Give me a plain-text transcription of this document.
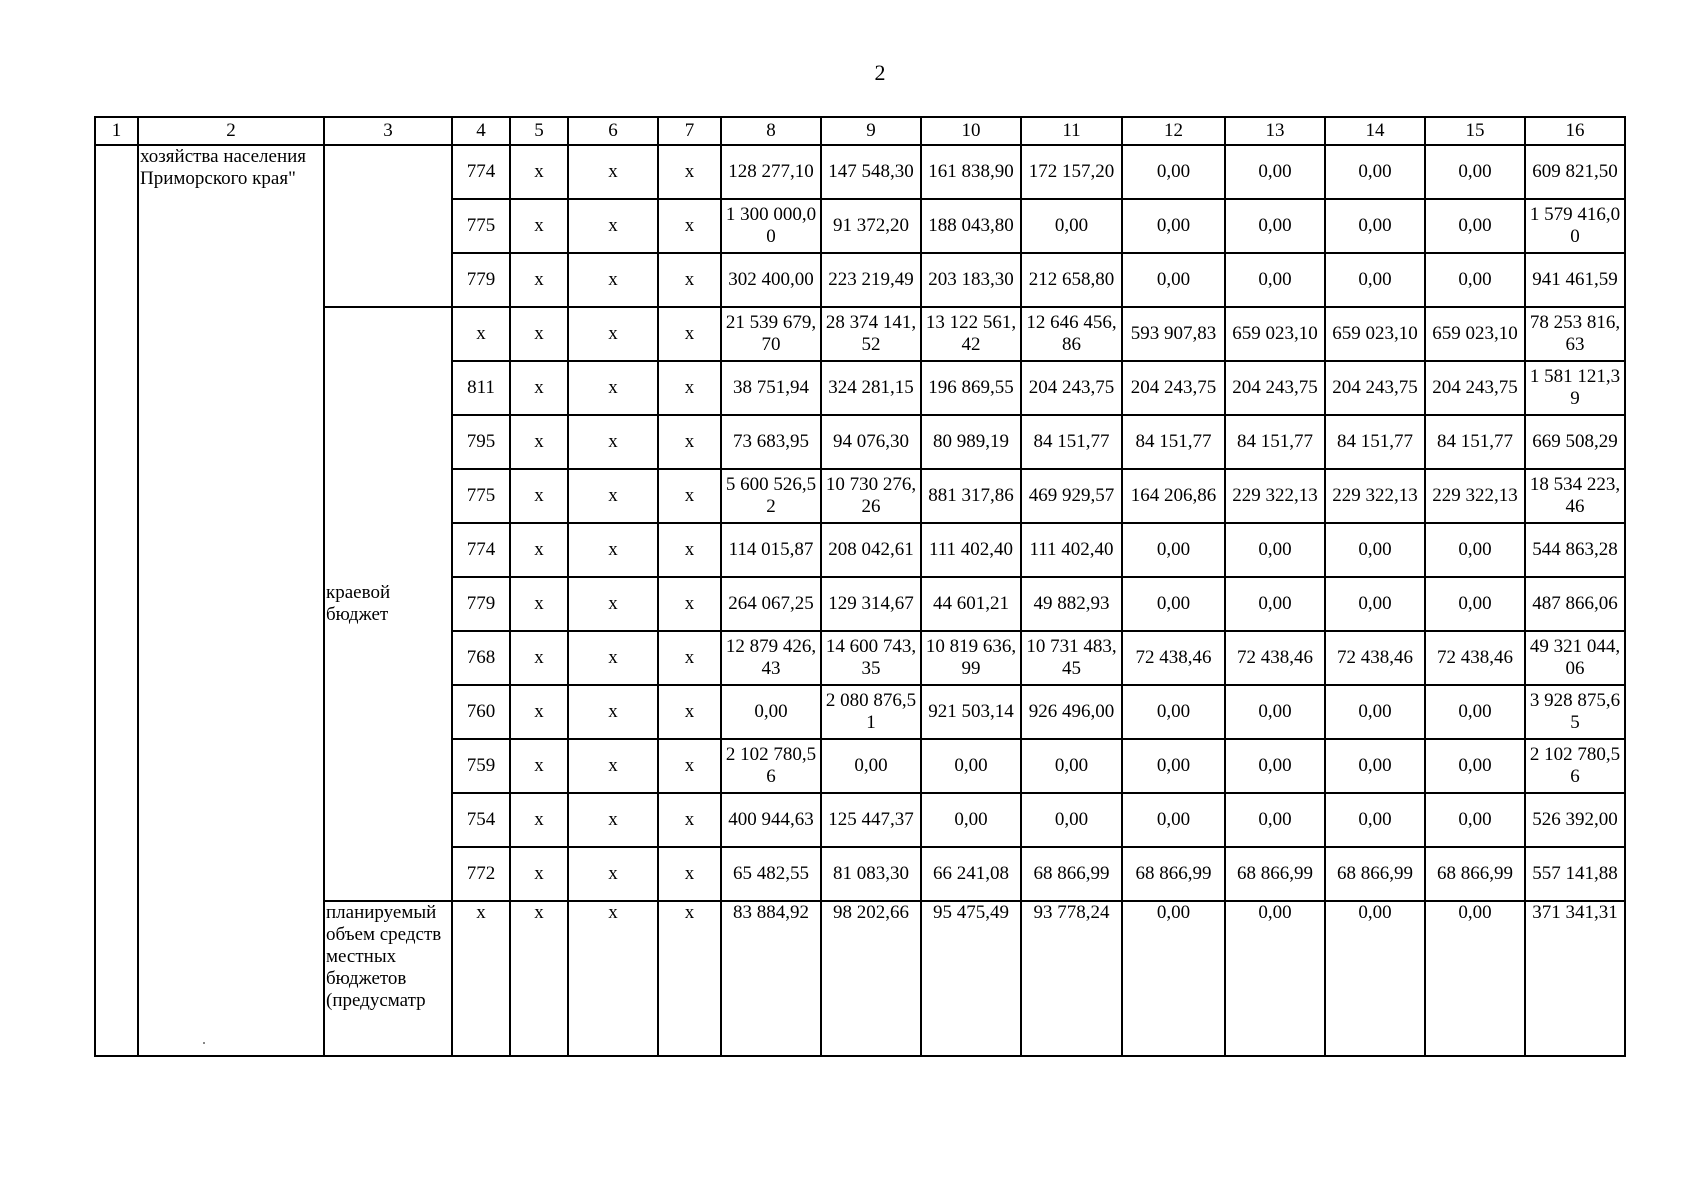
2
1	2	3	4	5	6	7	8	9	10	11	12	13	14	15	16
	хозяйства населения Приморского края"		774	x	x	x	128 277,10	147 548,30	161 838,90	172 157,20	0,00	0,00	0,00	0,00	609 821,50
			775	x	x	x	1 300 000,00	91 372,20	188 043,80	0,00	0,00	0,00	0,00	0,00	1 579 416,00
			779	x	x	x	302 400,00	223 219,49	203 183,30	212 658,80	0,00	0,00	0,00	0,00	941 461,59
		краевой бюджет	x	x	x	x	21 539 679,70	28 374 141,52	13 122 561,42	12 646 456,86	593 907,83	659 023,10	659 023,10	659 023,10	78 253 816,63
			811	x	x	x	38 751,94	324 281,15	196 869,55	204 243,75	204 243,75	204 243,75	204 243,75	204 243,75	1 581 121,39
			795	x	x	x	73 683,95	94 076,30	80 989,19	84 151,77	84 151,77	84 151,77	84 151,77	84 151,77	669 508,29
			775	x	x	x	5 600 526,52	10 730 276,26	881 317,86	469 929,57	164 206,86	229 322,13	229 322,13	229 322,13	18 534 223,46
			774	x	x	x	114 015,87	208 042,61	111 402,40	111 402,40	0,00	0,00	0,00	0,00	544 863,28
			779	x	x	x	264 067,25	129 314,67	44 601,21	49 882,93	0,00	0,00	0,00	0,00	487 866,06
			768	x	x	x	12 879 426,43	14 600 743,35	10 819 636,99	10 731 483,45	72 438,46	72 438,46	72 438,46	72 438,46	49 321 044,06
			760	x	x	x	0,00	2 080 876,51	921 503,14	926 496,00	0,00	0,00	0,00	0,00	3 928 875,65
			759	x	x	x	2 102 780,56	0,00	0,00	0,00	0,00	0,00	0,00	0,00	2 102 780,56
			754	x	x	x	400 944,63	125 447,37	0,00	0,00	0,00	0,00	0,00	0,00	526 392,00
			772	x	x	x	65 482,55	81 083,30	66 241,08	68 866,99	68 866,99	68 866,99	68 866,99	68 866,99	557 141,88
		планируемый объем средств местных бюджетов (предусматр	x	x	x	x	83 884,92	98 202,66	95 475,49	93 778,24	0,00	0,00	0,00	0,00	371 341,31
